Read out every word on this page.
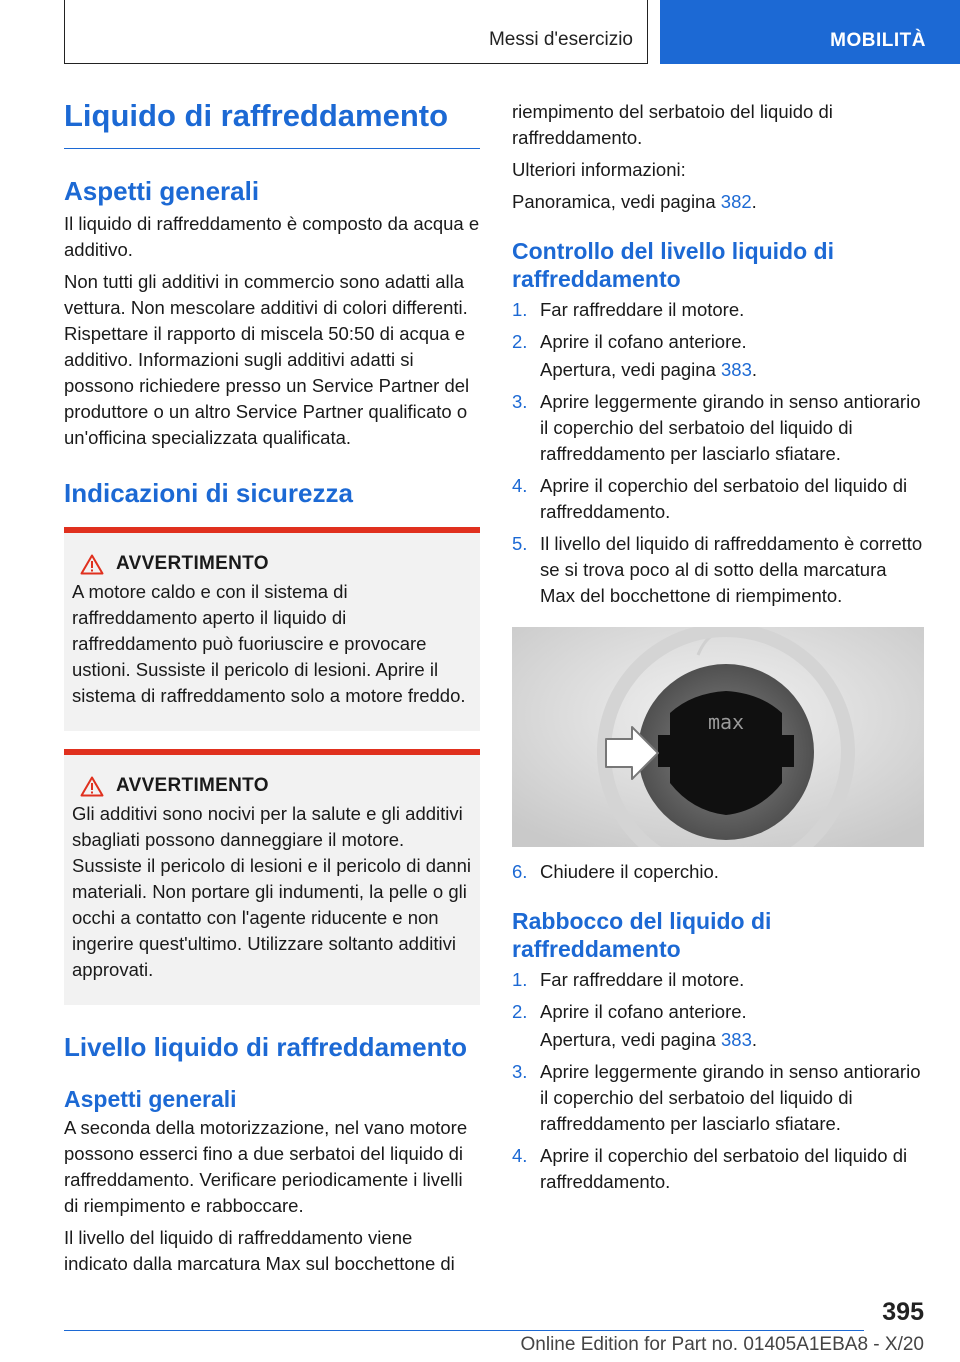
Messi d'esercizio	MOBILITÀ
Liquido di raffreddamento
Aspetti generali

Il liquido di raffreddamento è composto da acqua e additivo.

Non tutti gli additivi in commercio sono adatti alla vettura. Non mescolare additivi di colori differenti. Rispettare il rapporto di miscela 50:50 di acqua e additivo. Informazioni sugli additivi adatti si possono richiedere presso un Service Partner del produttore o un altro Service Partner qualificato o un'officina specializzata qualificata.

Indicazioni di sicurezza
AVVERTIMENTO

A motore caldo e con il sistema di raffreddamento aperto il liquido di raffreddamento può fuoriuscire e provocare ustioni. Sussiste il pericolo di lesioni. Aprire il sistema di raffreddamento solo a motore freddo.

AVVERTIMENTO

Gli additivi sono nocivi per la salute e gli additivi sbagliati possono danneggiare il motore. Sussiste il pericolo di lesioni e il pericolo di danni materiali. Non portare gli indumenti, la pelle o gli occhi a contatto con l'agente riducente e non ingerire quest'ultimo. Utilizzare soltanto additivi approvati.

Livello liquido di raffreddamento
Aspetti generali

A seconda della motorizzazione, nel vano motore possono esserci fino a due serbatoi del liquido di raffreddamento. Verificare periodicamente i livelli di riempimento e rabboccare.

Il livello del liquido di raffreddamento viene indicato dalla marcatura Max sul bocchettone di

riempimento del serbatoio del liquido di raffreddamento.

Ulteriori informazioni:

Panoramica, vedi pagina 382.

Controllo del livello liquido di raffreddamento
1. Far raffreddare il motore.
2. Aprire il cofano anteriore.

Apertura, vedi pagina 383.

3. Aprire leggermente girando in senso antiorario il coperchio del serbatoio del liquido di raffreddamento per lasciarlo sfiatare.
4. Aprire il coperchio del serbatoio del liquido di raffreddamento.
5. Il livello del liquido di raffreddamento è corretto se si trova poco al di sotto della marcatura Max del bocchettone di riempimento.
max
6. Chiudere il coperchio.
Rabbocco del liquido di raffreddamento
1. Far raffreddare il motore.
2. Aprire il cofano anteriore.

Apertura, vedi pagina 383.

3. Aprire leggermente girando in senso antiorario il coperchio del serbatoio del liquido di raffreddamento per lasciarlo sfiatare.
4. Aprire il coperchio del serbatoio del liquido di raffreddamento.
395
Online Edition for Part no. 01405A1EBA8 - X/20
